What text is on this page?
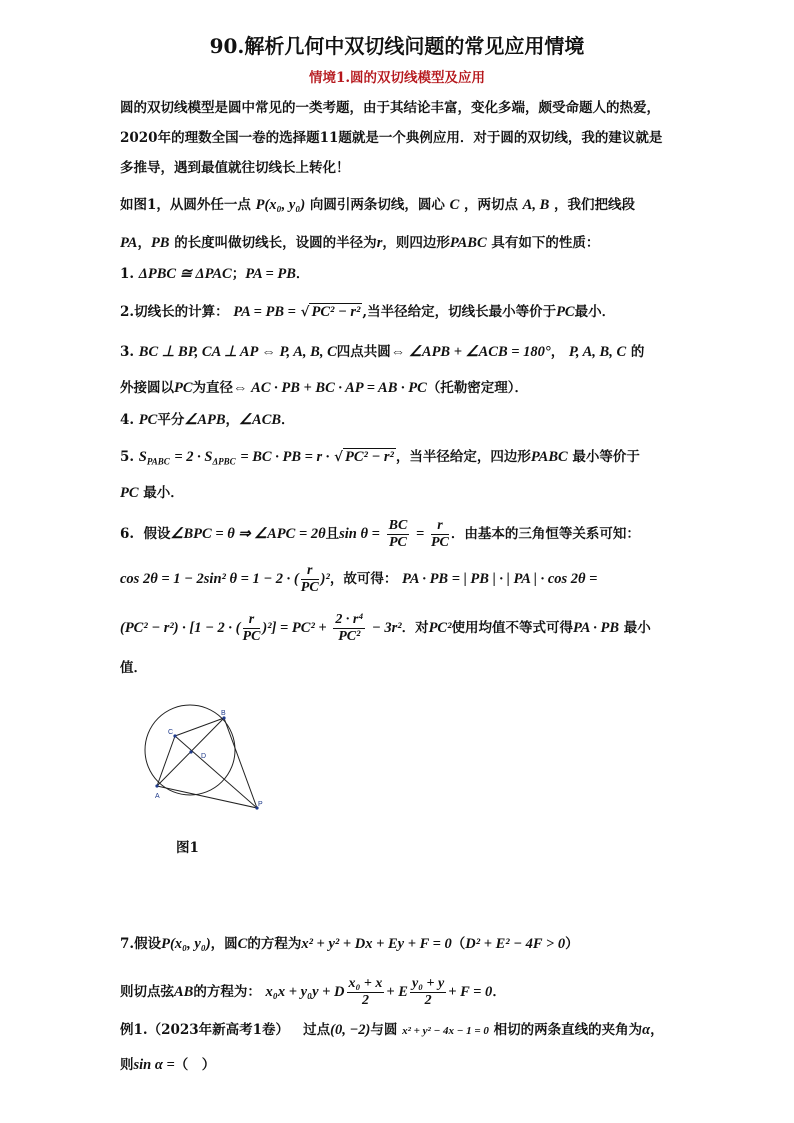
90.解析几何中双切线问题的常见应用情境
情境1.圆的双切线模型及应用
圆的双切线模型是圆中常见的一类考题，由于其结论丰富，变化多端，颇受命题人的热爱，
2020年的理数全国一卷的选择题11题就是一个典例应用．对于圆的双切线，我的建议就是
多推导，遇到最值就往切线长上转化！
如图1，从圆外任一点 P(x₀, y₀) 向圆引两条切线，圆心 C ，两切点 A, B ，我们把线段
PA，PB 的长度叫做切线长，设圆的半径为r，则四边形PABC 具有如下的性质：
1. ΔPBC ≅ ΔPAC；PA = PB．
2.切线长的计算： PA = PB = √ PC² − r² ,当半径给定，切线长最小等价于PC最小．
3. BC ⊥ BP, CA ⊥ AP ⇔ P, A, B, C四点共圆⇔ ∠APB + ∠ACB = 180°， P, A, B, C 的
外接圆以PC为直径⇔ AC · PB + BC · AP = AB · PC（托勒密定理）．
4. PC平分∠APB，∠ACB．
5. $S_{PABC} = 2 \cdot S_{\Delta PBC}$ = BC · PB = r · √ PC² − r² ，当半径给定，四边形PABC 最小等价于
PC 最小．
6. 假设∠BPC = θ ⇒ ∠APC = 2θ且$\sin \theta = \frac{BC}{PC} = \frac{r}{PC}$ ．由基本的三角恒等关系可知：
cos 2θ = 1 − 2sin² θ = 1 − 2 · ( $\frac{r}{PC} )^2$，故可得： PA · PB = | PB | · | PA | · cos 2θ =
(PC² − r²) · [1 − 2 · ( $\frac{r}{PC} )^2] = PC^2 + \frac{\text{2 · r⁴}}{\text{PC²}} - 3r^2$．对PC²使用均值不等式可得PA · PB 最小
值．
C
B
D
A
P
图1
7.假设P(x₀, y₀)，圆C的方程为x² + y² + Dx + Ey + F = 0（D² + E² − 4F > 0）
则切点弦AB的方程为： x₀x + y₀y + D $\frac{\text{x₀ + x}}{2} + E \frac{\text{y₀ + y}}{2} + F = 0$．
例1.（2023年新高考1卷） 过点(0, −2)与圆 x² + y² − 4x − 1 = 0 相切的两条直线的夹角为α，
则sin α =（　）
